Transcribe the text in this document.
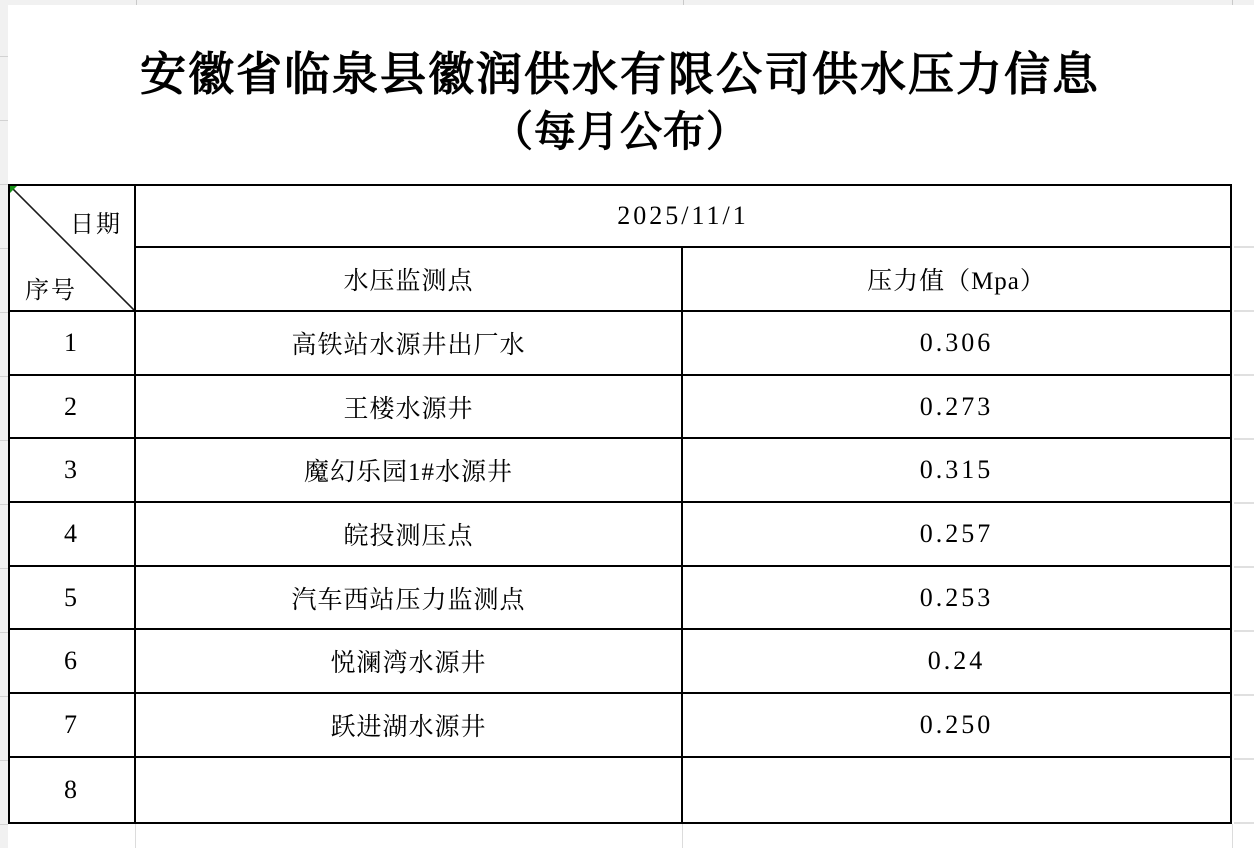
安徽省临泉县徽润供水有限公司供水压力信息
（每月公布）
日期
序号
2025/11/1
水压监测点	压力值（Mpa）
1	高铁站水源井出厂水	0.306
2	王楼水源井	0.273
3	魔幻乐园1#水源井	0.315
4	皖投测压点	0.257
5	汽车西站压力监测点	0.253
6	悦澜湾水源井	0.24
7	跃进湖水源井	0.250
8
